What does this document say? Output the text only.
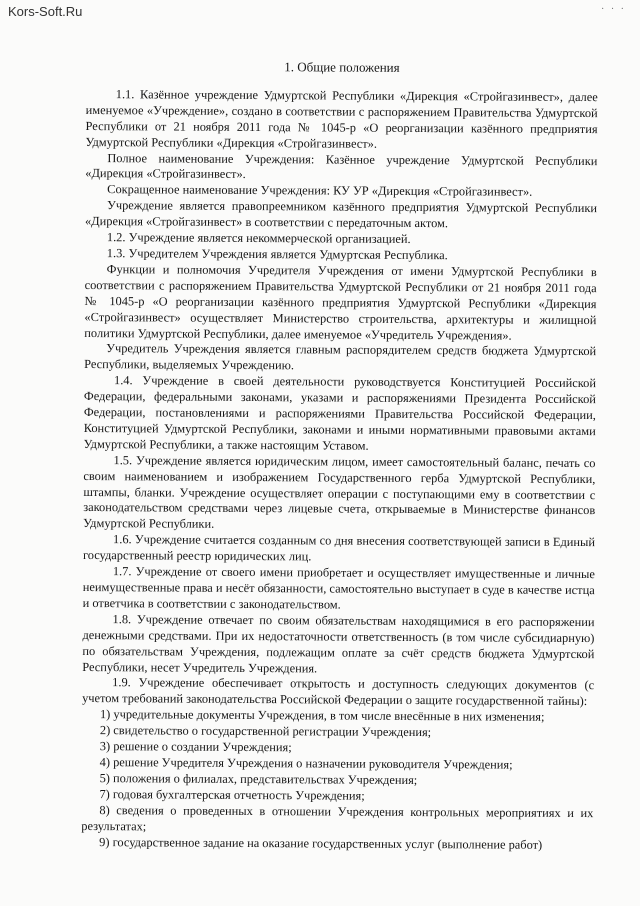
Kors-Soft.Ru	· · ·
1. Общие положения

1.1. Казённое учреждение Удмуртской Республики «Дирекция «Стройгазинвест», далее именуемое «Учреждение», создано в соответствии с распоряжением Правительства Удмуртской Республики от 21 ноября 2011 года № 1045-р «О реорганизации казённого предприятия Удмуртской Республики «Дирекция «Стройгазинвест».

Полное наименование Учреждения: Казённое учреждение Удмуртской Республики «Дирекция «Стройгазинвест».

Сокращенное наименование Учреждения: КУ УР «Дирекция «Стройгазинвест».

Учреждение является правопреемником казённого предприятия Удмуртской Республики «Дирекция «Стройгазинвест» в соответствии с передаточным актом.

1.2. Учреждение является некоммерческой организацией.

1.3. Учредителем Учреждения является Удмуртская Республика.

Функции и полномочия Учредителя Учреждения от имени Удмуртской Республики в соответствии с распоряжением Правительства Удмуртской Республики от 21 ноября 2011 года № 1045-р «О реорганизации казённого предприятия Удмуртской Республики «Дирекция «Стройгазинвест» осуществляет Министерство строительства, архитектуры и жилищной политики Удмуртской Республики, далее именуемое «Учредитель Учреждения».

Учредитель Учреждения является главным распорядителем средств бюджета Удмуртской Республики, выделяемых Учреждению.

1.4. Учреждение в своей деятельности руководствуется Конституцией Российской Федерации, федеральными законами, указами и распоряжениями Президента Российской Федерации, постановлениями и распоряжениями Правительства Российской Федерации, Конституцией Удмуртской Республики, законами и иными нормативными правовыми актами Удмуртской Республики, а также настоящим Уставом.

1.5. Учреждение является юридическим лицом, имеет самостоятельный баланс, печать со своим наименованием и изображением Государственного герба Удмуртской Республики, штампы, бланки. Учреждение осуществляет операции с поступающими ему в соответствии с законодательством средствами через лицевые счета, открываемые в Министерстве финансов Удмуртской Республики.

1.6. Учреждение считается созданным со дня внесения соответствующей записи в Единый государственный реестр юридических лиц.

1.7. Учреждение от своего имени приобретает и осуществляет имущественные и личные неимущественные права и несёт обязанности, самостоятельно выступает в суде в качестве истца и ответчика в соответствии с законодательством.

1.8. Учреждение отвечает по своим обязательствам находящимися в его распоряжении денежными средствами. При их недостаточности ответственность (в том числе субсидиарную) по обязательствам Учреждения, подлежащим оплате за счёт средств бюджета Удмуртской Республики, несет Учредитель Учреждения.

1.9. Учреждение обеспечивает открытость и доступность следующих документов (с учетом требований законодательства Российской Федерации о защите государственной тайны):

1) учредительные документы Учреждения, в том числе внесённые в них изменения;
2) свидетельство о государственной регистрации Учреждения;
3) решение о создании Учреждения;
4) решение Учредителя Учреждения о назначении руководителя Учреждения;
5) положения о филиалах, представительствах Учреждения;
7) годовая бухгалтерская отчетность Учреждения;
8) сведения о проведенных в отношении Учреждения контрольных мероприятиях и их результатах;
9) государственное задание на оказание государственных услуг (выполнение работ)
